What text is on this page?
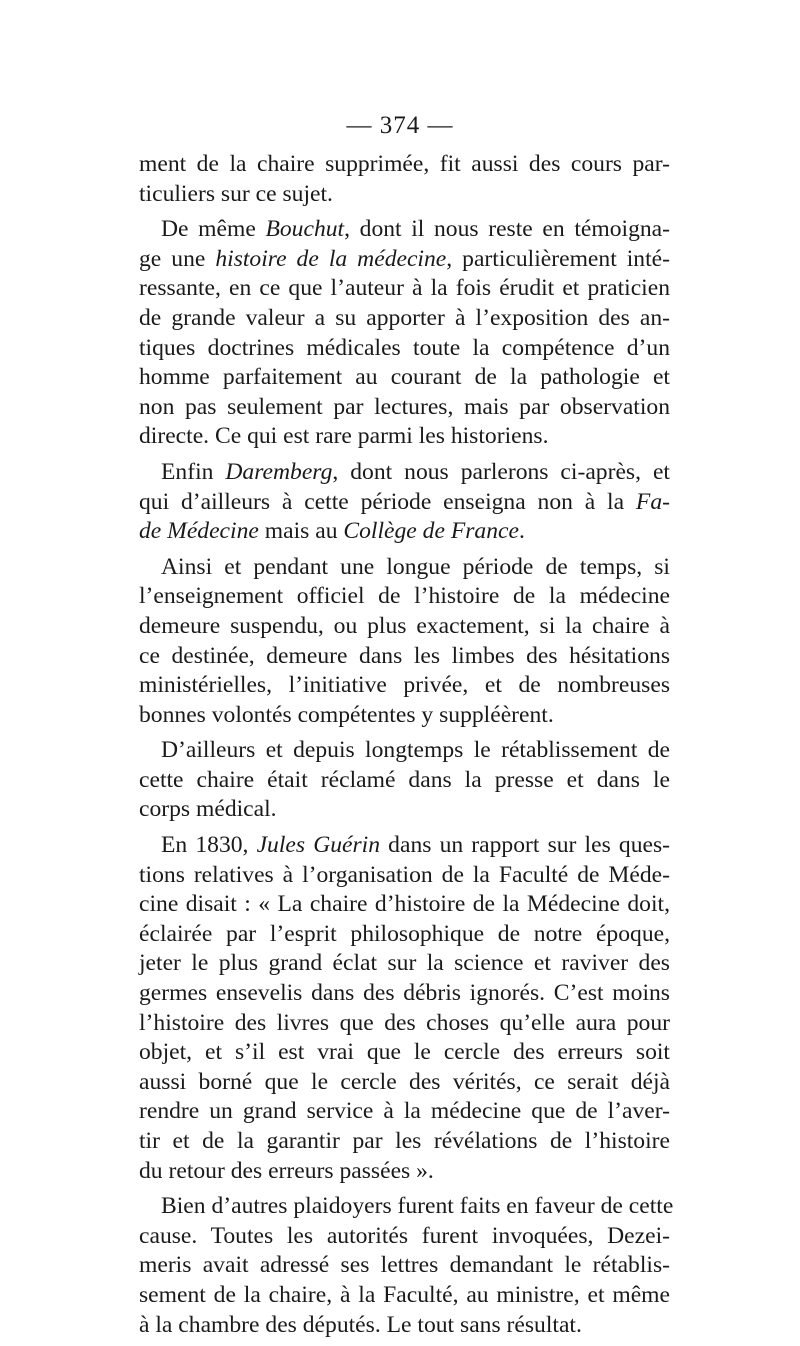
— 374 —

ment de la chaire supprimée, fit aussi des cours par-
ticuliers sur ce sujet.

De même Bouchut, dont il nous reste en témoigna-
ge une histoire de la médecine, particulièrement inté-
ressante, en ce que l’auteur à la fois érudit et praticien
de grande valeur a su apporter à l’exposition des an-
tiques doctrines médicales toute la compétence d’un
homme parfaitement au courant de la pathologie et
non pas seulement par lectures, mais par observation
directe. Ce qui est rare parmi les historiens.

Enfin Daremberg, dont nous parlerons ci-après, et
qui d’ailleurs à cette période enseigna non à la Fa-
de Médecine mais au Collège de France.

Ainsi et pendant une longue période de temps, si
l’enseignement officiel de l’histoire de la médecine
demeure suspendu, ou plus exactement, si la chaire à
ce destinée, demeure dans les limbes des hésitations
ministérielles, l’initiative privée, et de nombreuses
bonnes volontés compétentes y suppléèrent.

D’ailleurs et depuis longtemps le rétablissement de
cette chaire était réclamé dans la presse et dans le
corps médical.

En 1830, Jules Guérin dans un rapport sur les ques-
tions relatives à l’organisation de la Faculté de Méde-
cine disait : « La chaire d’histoire de la Médecine doit,
éclairée par l’esprit philosophique de notre époque,
jeter le plus grand éclat sur la science et raviver des
germes ensevelis dans des débris ignorés. C’est moins
l’histoire des livres que des choses qu’elle aura pour
objet, et s’il est vrai que le cercle des erreurs soit
aussi borné que le cercle des vérités, ce serait déjà
rendre un grand service à la médecine que de l’aver-
tir et de la garantir par les révélations de l’histoire
du retour des erreurs passées ».

Bien d’autres plaidoyers furent faits en faveur de cette
cause. Toutes les autorités furent invoquées, Dezei-
meris avait adressé ses lettres demandant le rétablis-
sement de la chaire, à la Faculté, au ministre, et même
à la chambre des députés. Le tout sans résultat.
